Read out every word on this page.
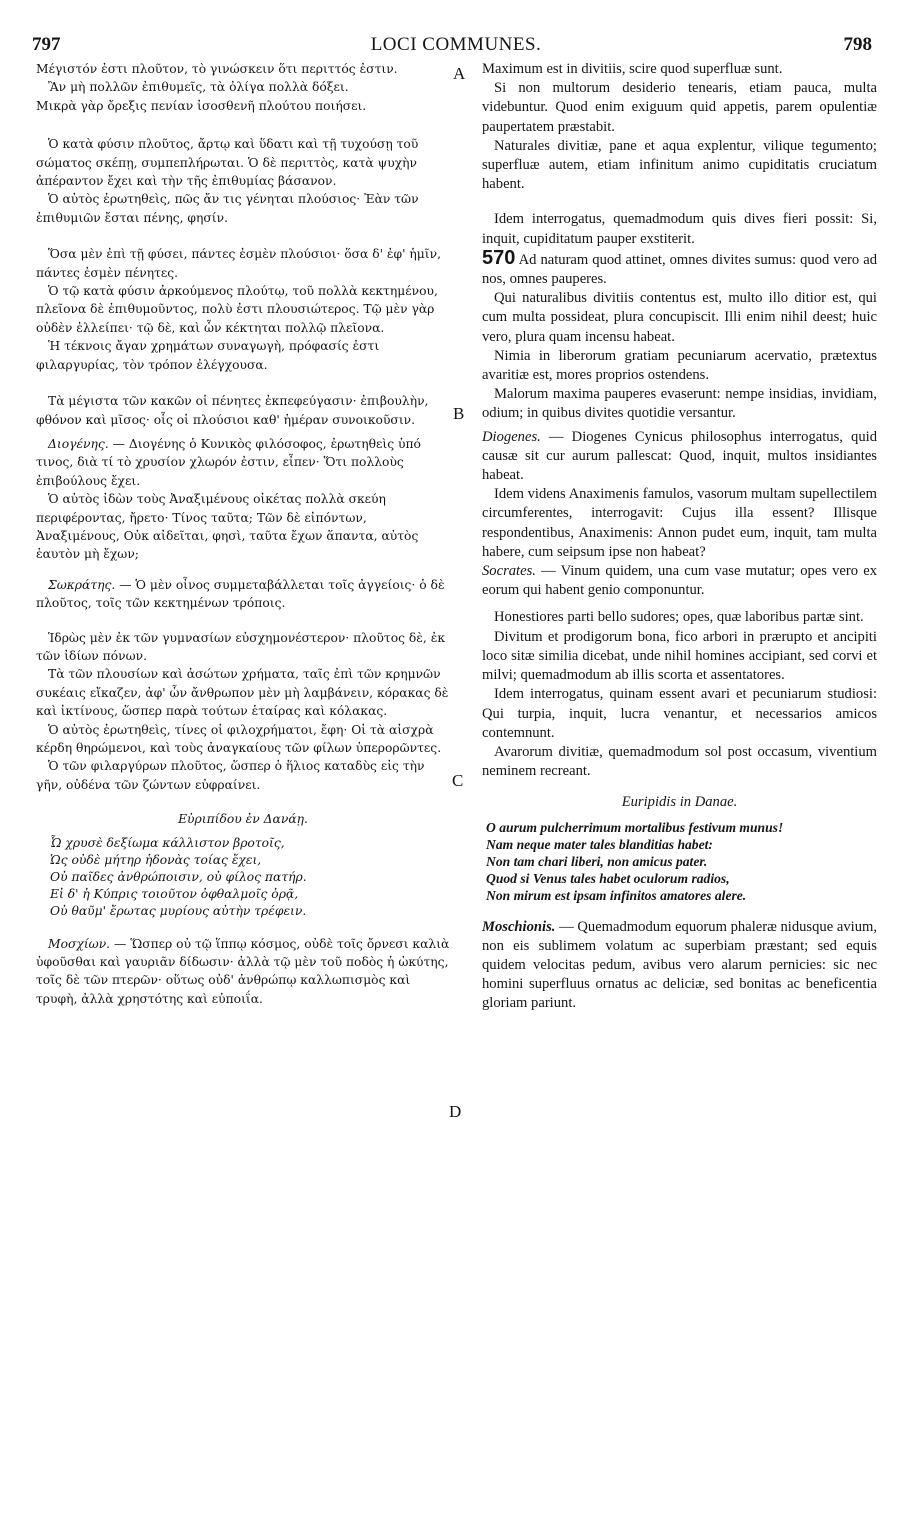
797	LOCI COMMUNES.	798
A
B
C
D

Μέγιστόν ἐστι πλοῦτον, τὸ γινώσκειν ὅτι περιττός ἐστιν.

Ἂν μὴ πολλῶν ἐπιθυμεῖς, τὰ ὀλίγα πολλὰ δόξει.

Μικρὰ γὰρ ὄρεξις πενίαν ἰσοσθενῆ πλούτου ποιήσει.

Ὁ κατὰ φύσιν πλοῦτος, ἄρτῳ καὶ ὕδατι καὶ τῇ τυχούσῃ τοῦ σώματος σκέπῃ, συμπεπλήρωται. Ὁ δὲ περιττὸς, κατὰ ψυχὴν ἀπέραντον ἔχει καὶ τὴν τῆς ἐπιθυμίας βάσανον.

Ὁ αὐτὸς ἐρωτηθεὶς, πῶς ἄν τις γένηται πλούσιος· Ἐὰν τῶν ἐπιθυμιῶν ἔσται πένης, φησίν.

Ὅσα μὲν ἐπὶ τῇ φύσει, πάντες ἐσμὲν πλούσιοι· ὅσα δ' ἐφ' ἡμῖν, πάντες ἐσμὲν πένητες.

Ὁ τῷ κατὰ φύσιν ἀρκούμενος πλούτῳ, τοῦ πολλὰ κεκτημένου, πλεῖονα δὲ ἐπιθυμοῦντος, πολὺ ἐστι πλουσιώτερος. Τῷ μὲν γὰρ οὐδὲν ἐλλείπει· τῷ δὲ, καὶ ὧν κέκτηται πολλῷ πλεῖονα.

Ἡ τέκνοις ἄγαν χρημάτων συναγωγὴ, πρόφασίς ἐστι φιλαργυρίας, τὸν τρόπον ἐλέγχουσα.

Τὰ μέγιστα τῶν κακῶν οἱ πένητες ἐκπεφεύγασιν· ἐπιβουλὴν, φθόνον καὶ μῖσος· οἷς οἱ πλούσιοι καθ' ἡμέραν συνοικοῦσιν.

Διογένης. — Διογένης ὁ Κυνικὸς φιλόσοφος, ἐρωτηθεὶς ὑπό τινος, διὰ τί τὸ χρυσίον χλωρόν ἐστιν, εἶπεν· Ὅτι πολλοὺς ἐπιβούλους ἔχει.

Ὁ αὐτὸς ἰδὼν τοὺς Ἀναξιμένους οἰκέτας πολλὰ σκεύη περιφέροντας, ἤρετο· Τίνος ταῦτα; Τῶν δὲ εἰπόντων, Ἀναξιμένους, Οὐκ αἰδεῖται, φησὶ, ταῦτα ἔχων ἅπαντα, αὐτὸς ἑαυτὸν μὴ ἔχων;

Σωκράτης. — Ὁ μὲν οἶνος συμμεταβάλλεται τοῖς ἀγγείοις· ὁ δὲ πλοῦτος, τοῖς τῶν κεκτημένων τρόποις.

Ἱδρὼς μὲν ἐκ τῶν γυμνασίων εὐσχημονέστερον· πλοῦτος δὲ, ἐκ τῶν ἰδίων πόνων.

Τὰ τῶν πλουσίων καὶ ἀσώτων χρήματα, ταῖς ἐπὶ τῶν κρημνῶν συκέαις εἴκαζεν, ἀφ' ὧν ἄνθρωπον μὲν μὴ λαμβάνειν, κόρακας δὲ καὶ ἰκτίνους, ὥσπερ παρὰ τούτων ἑταίρας καὶ κόλακας.

Ὁ αὐτὸς ἐρωτηθεὶς, τίνες οἱ φιλοχρήματοι, ἔφη· Οἱ τὰ αἰσχρὰ κέρδη θηρώμενοι, καὶ τοὺς ἀναγκαίους τῶν φίλων ὑπερορῶντες.

Ὁ τῶν φιλαργύρων πλοῦτος, ὥσπερ ὁ ἥλιος καταδὺς εἰς τὴν γῆν, οὐδένα τῶν ζώντων εὐφραίνει.

Εὐριπίδου ἐν Δανάῃ.

Ὦ χρυσὲ δεξίωμα κάλλιστον βροτοῖς,

Ὡς οὐδὲ μήτηρ ἡδονὰς τοίας ἔχει,

Οὐ παῖδες ἀνθρώποισιν, οὐ φίλος πατήρ.

Εἰ δ' ἡ Κύπρις τοιοῦτον ὀφθαλμοῖς ὁρᾷ,

Οὐ θαῦμ' ἔρωτας μυρίους αὐτὴν τρέφειν.

Μοσχίων. — Ὥσπερ οὐ τῷ ἵππῳ κόσμος, οὐδὲ τοῖς ὄρνεσι καλιὰ ὑφοῦσθαι καὶ γαυριᾶν δίδωσιν· ἀλλὰ τῷ μὲν τοῦ ποδὸς ἡ ὠκύτης, τοῖς δὲ τῶν πτερῶν· οὕτως οὐδ' ἀνθρώπῳ καλλωπισμὸς καὶ τρυφὴ, ἀλλὰ χρηστότης καὶ εὐποιΐα.

Maximum est in divitiis, scire quod superfluæ sunt.

Si non multorum desiderio tenearis, etiam pauca, multa videbuntur. Quod enim exiguum quid appetis, parem opulentiæ paupertatem præstabit.

Naturales divitiæ, pane et aqua explentur, vilique tegumento; superfluæ autem, etiam infinitum animo cupiditatis cruciatum habent.

Idem interrogatus, quemadmodum quis dives fieri possit: Si, inquit, cupiditatum pauper exstiterit.

570 Ad naturam quod attinet, omnes divites sumus: quod vero ad nos, omnes pauperes.

Qui naturalibus divitiis contentus est, multo illo ditior est, qui cum multa possideat, plura concupiscit. Illi enim nihil deest; huic vero, plura quam incensu habeat.

Nimia in liberorum gratiam pecuniarum acervatio, prætextus avaritiæ est, mores proprios ostendens.

Malorum maxima pauperes evaserunt: nempe insidias, invidiam, odium; in quibus divites quotidie versantur.

Diogenes. — Diogenes Cynicus philosophus interrogatus, quid causæ sit cur aurum pallescat: Quod, inquit, multos insidiantes habeat.

Idem videns Anaximenis famulos, vasorum multam supellectilem circumferentes, interrogavit: Cujus illa essent? Illisque respondentibus, Anaximenis: Annon pudet eum, inquit, tam multa habere, cum seipsum ipse non habeat?

Socrates. — Vinum quidem, una cum vase mutatur; opes vero ex eorum qui habent genio componuntur.

Honestiores parti bello sudores; opes, quæ laboribus partæ sint.

Divitum et prodigorum bona, fico arbori in prærupto et ancipiti loco sitæ similia dicebat, unde nihil homines accipiant, sed corvi et milvi; quemadmodum ab illis scorta et assentatores.

Idem interrogatus, quinam essent avari et pecuniarum studiosi: Qui turpia, inquit, lucra venantur, et necessarios amicos contemnunt.

Avarorum divitiæ, quemadmodum sol post occasum, viventium neminem recreant.

Euripidis in Danae.

O aurum pulcherrimum mortalibus festivum munus!

Nam neque mater tales blanditias habet:

Non tam chari liberi, non amicus pater.

Quod si Venus tales habet oculorum radios,

Non mirum est ipsam infinitos amatores alere.

Moschionis. — Quemadmodum equorum phaleræ nidusque avium, non eis sublimem volatum ac superbiam præstant; sed equis quidem velocitas pedum, avibus vero alarum pernicies: sic nec homini superfluus ornatus ac deliciæ, sed bonitas ac beneficentia gloriam pariunt.
